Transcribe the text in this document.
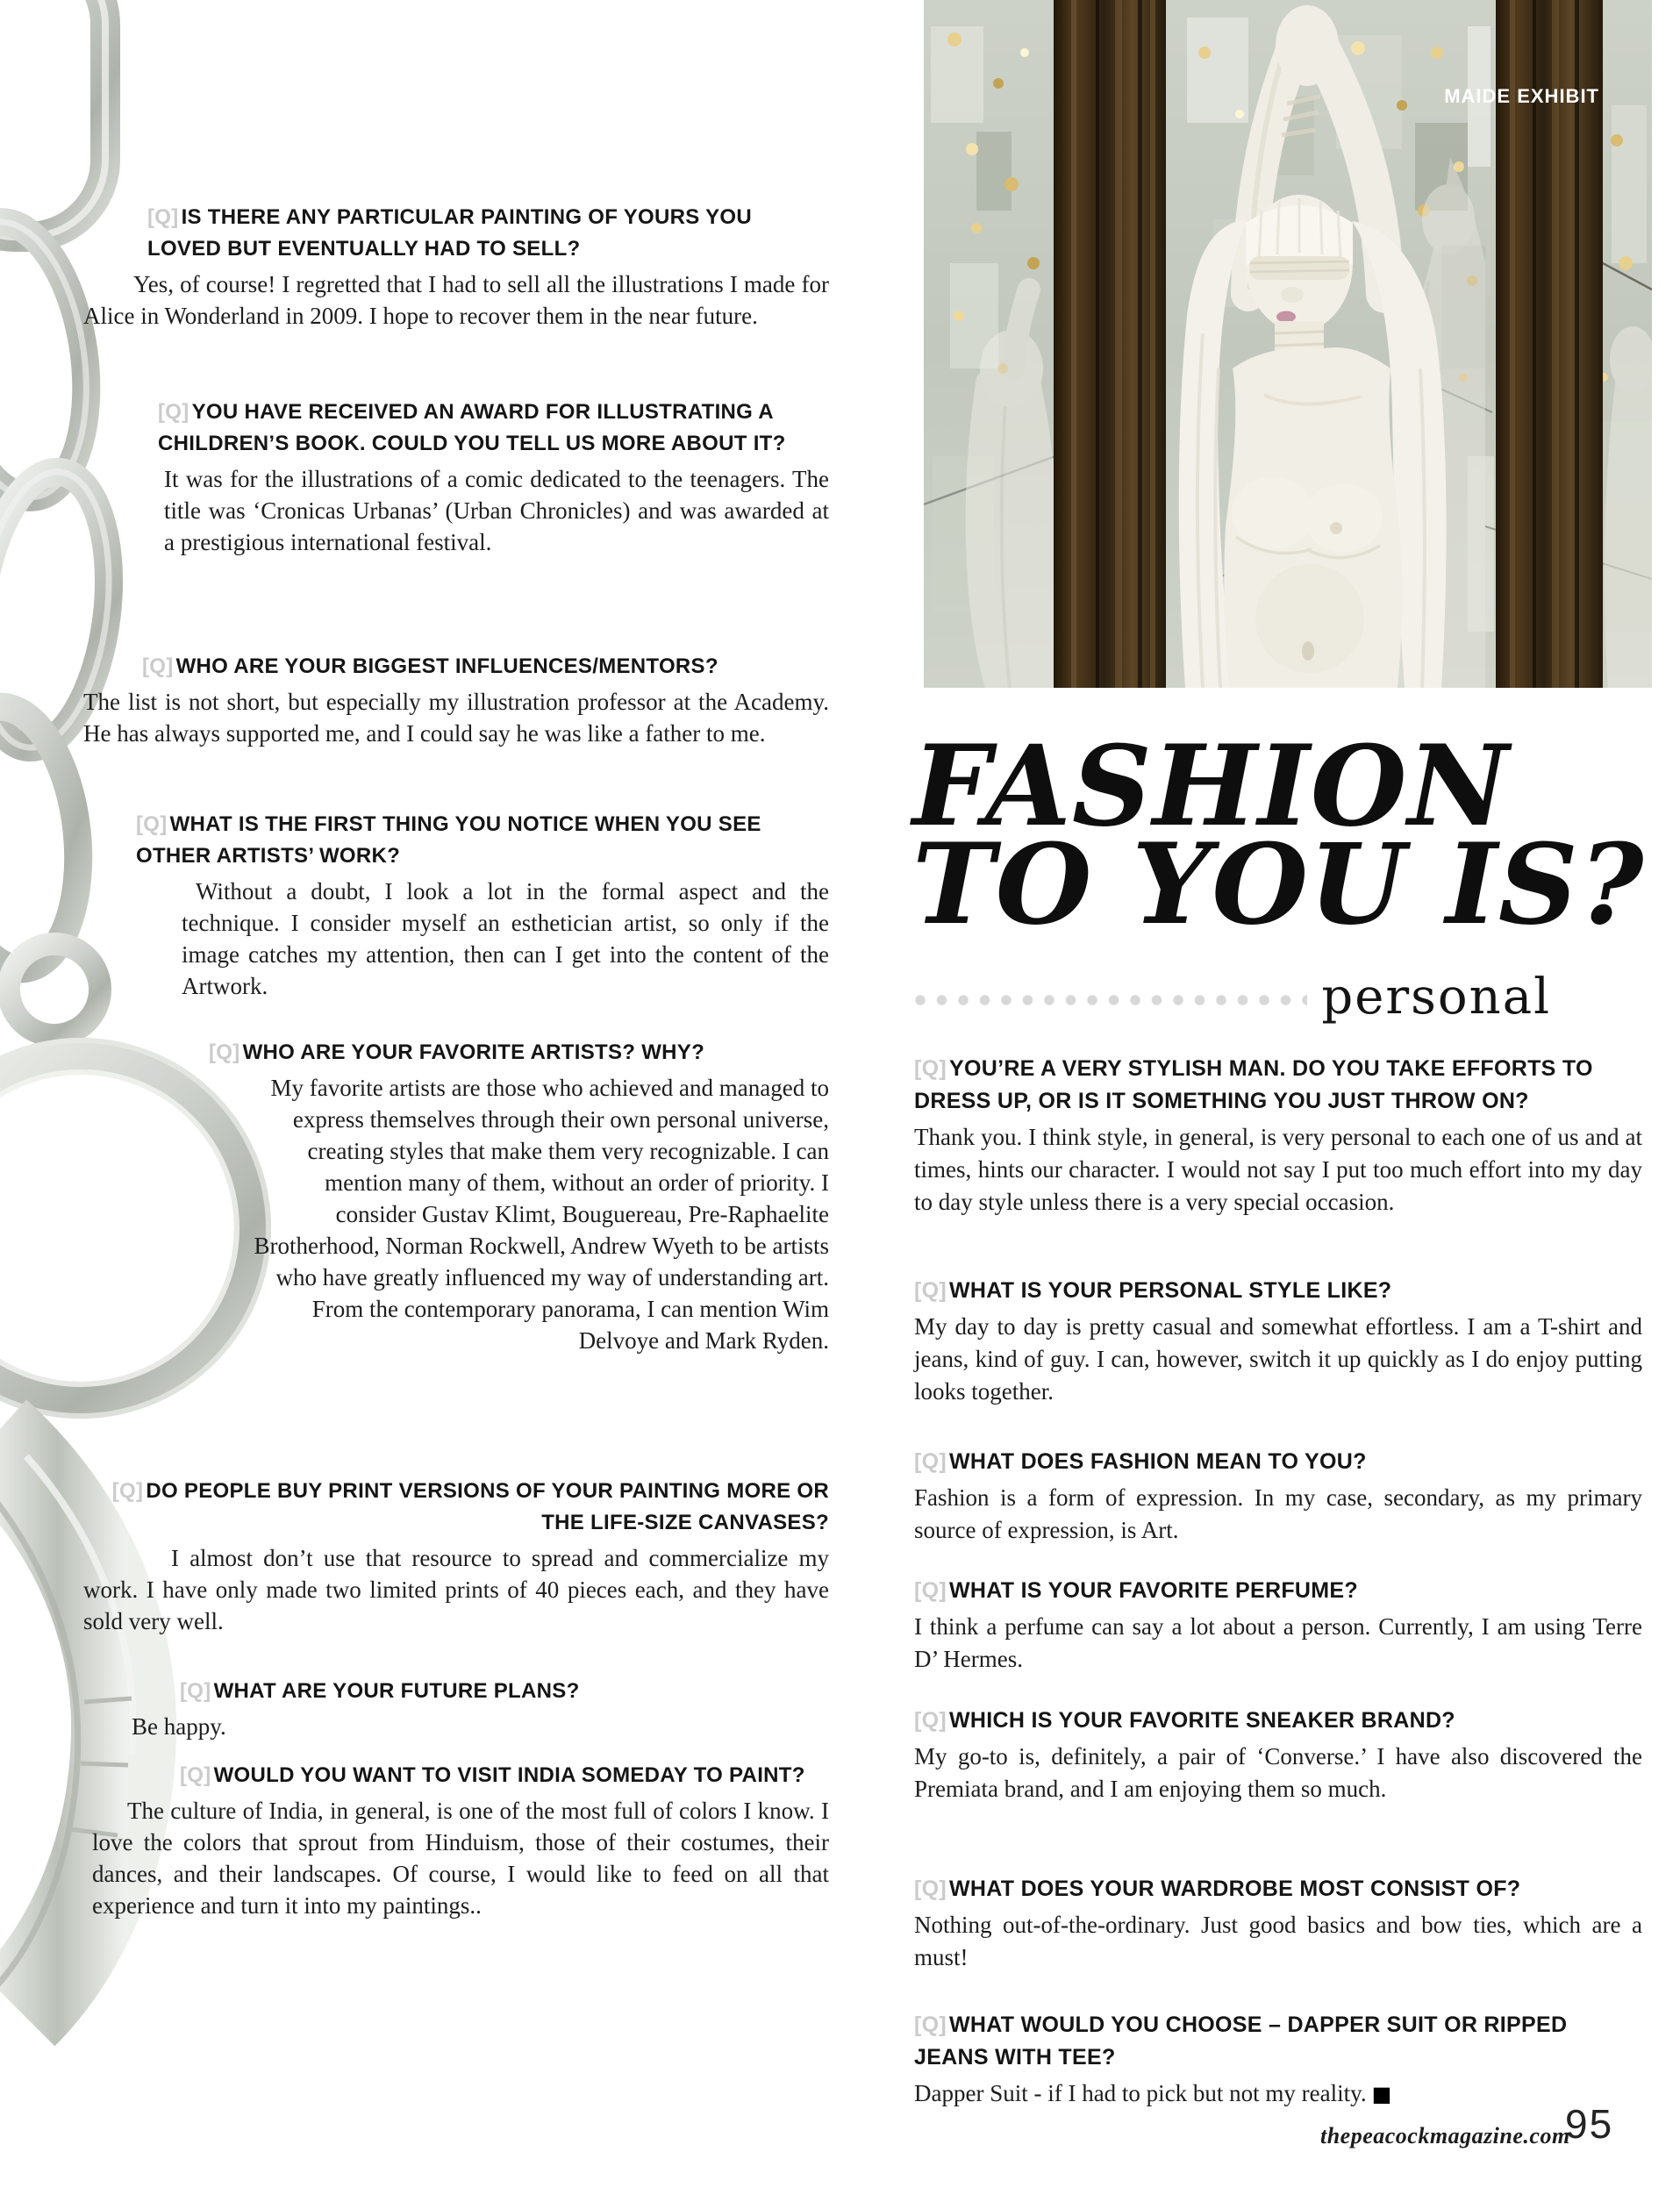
[Q] IS THERE ANY PARTICULAR PAINTING OF YOURS YOU LOVED BUT EVENTUALLY HAD TO SELL?

Yes, of course! I regretted that I had to sell all the illustrations I made for Alice in Wonderland in 2009. I hope to recover them in the near future.

[Q] YOU HAVE RECEIVED AN AWARD FOR ILLUSTRATING A CHILDREN’S BOOK. COULD YOU TELL US MORE ABOUT IT?

It was for the illustrations of a comic dedicated to the teenagers. The title was ‘Cronicas Urbanas’ (Urban Chronicles) and was awarded at a prestigious international festival.

[Q] WHO ARE YOUR BIGGEST INFLUENCES/MENTORS?

The list is not short, but especially my illustration professor at the Academy. He has always supported me, and I could say he was like a father to me.

[Q] WHAT IS THE FIRST THING YOU NOTICE WHEN YOU SEE OTHER ARTISTS’ WORK?

Without a doubt, I look a lot in the formal aspect and the technique. I consider myself an esthetician artist, so only if the image catches my attention, then can I get into the content of the Artwork.

[Q] WHO ARE YOUR FAVORITE ARTISTS? WHY?

My favorite artists are those who achieved and managed to express themselves through their own personal universe, creating styles that make them very recognizable. I can mention many of them, without an order of priority. I consider Gustav Klimt, Bouguereau, Pre-Raphaelite Brotherhood, Norman Rockwell, Andrew Wyeth to be artists who have greatly influenced my way of understanding art. From the contemporary panorama, I can mention Wim Delvoye and Mark Ryden.

[Q] DO PEOPLE BUY PRINT VERSIONS OF YOUR PAINTING MORE OR THE LIFE-SIZE CANVASES?

I almost don’t use that resource to spread and commercialize my work. I have only made two limited prints of 40 pieces each, and they have sold very well.

[Q] WHAT ARE YOUR FUTURE PLANS?

Be happy.

[Q] WOULD YOU WANT TO VISIT INDIA SOMEDAY TO PAINT?

The culture of India, in general, is one of the most full of colors I know. I love the colors that sprout from Hinduism, those of their costumes, their dances, and their landscapes. Of course, I would like to feed on all that experience and turn it into my paintings..

MAIDE EXHIBIT
FASHION
TO YOU IS?
personal
[Q] YOU’RE A VERY STYLISH MAN. DO YOU TAKE EFFORTS TO DRESS UP, OR IS IT SOMETHING YOU JUST THROW ON?

Thank you. I think style, in general, is very personal to each one of us and at times, hints our character. I would not say I put too much effort into my day to day style unless there is a very special occasion.

[Q] WHAT IS YOUR PERSONAL STYLE LIKE?

My day to day is pretty casual and somewhat effortless. I am a T-shirt and jeans, kind of guy. I can, however, switch it up quickly as I do enjoy putting looks together.

[Q] WHAT DOES FASHION MEAN TO YOU?

Fashion is a form of expression. In my case, secondary, as my primary source of expression, is Art.

[Q] WHAT IS YOUR FAVORITE PERFUME?

I think a perfume can say a lot about a person. Currently, I am using Terre D’ Hermes.

[Q] WHICH IS YOUR FAVORITE SNEAKER BRAND?

My go-to is, definitely, a pair of ‘Converse.’ I have also discovered the Premiata brand, and I am enjoying them so much.

[Q] WHAT DOES YOUR WARDROBE MOST CONSIST OF?

Nothing out-of-the-ordinary. Just good basics and bow ties, which are a must!

[Q] WHAT WOULD YOU CHOOSE – DAPPER SUIT OR RIPPED JEANS WITH TEE?

Dapper Suit - if I had to pick but not my reality. ■

thepeacockmagazine.com
95
